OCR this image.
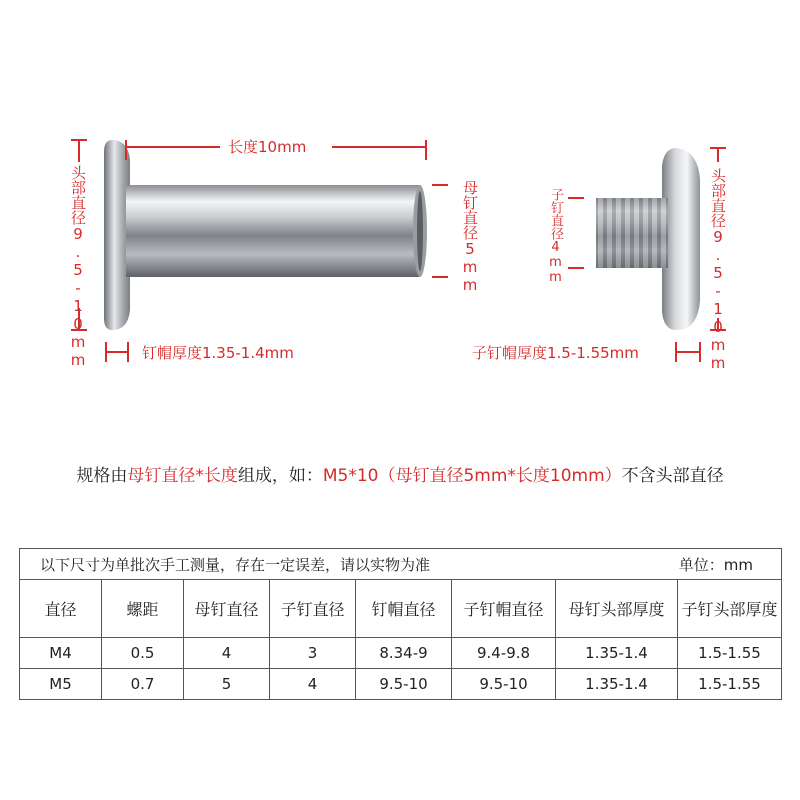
长度10mm
头部直径9.5-10mm	母钉直径5mm
钉帽厚度1.35-1.4mm
子钉直径4mm	头部直径9.5-10mm
子钉帽厚度1.5-1.55mm
规格由母钉直径*长度组成，如：M5*10（母钉直径5mm*长度10mm）不含头部直径
以下尺寸为单批次手工测量，存在一定误差，请以实物为准 单位：mm							

直径	螺距	母钉直径	子钉直径	钉帽直径	子钉帽直径	母钉头部厚度	子钉头部厚度
M4	0.5	4	3	8.34-9	9.4-9.8	1.35-1.4	1.5-1.55
M5	0.7	5	4	9.5-10	9.5-10	1.35-1.4	1.5-1.55
